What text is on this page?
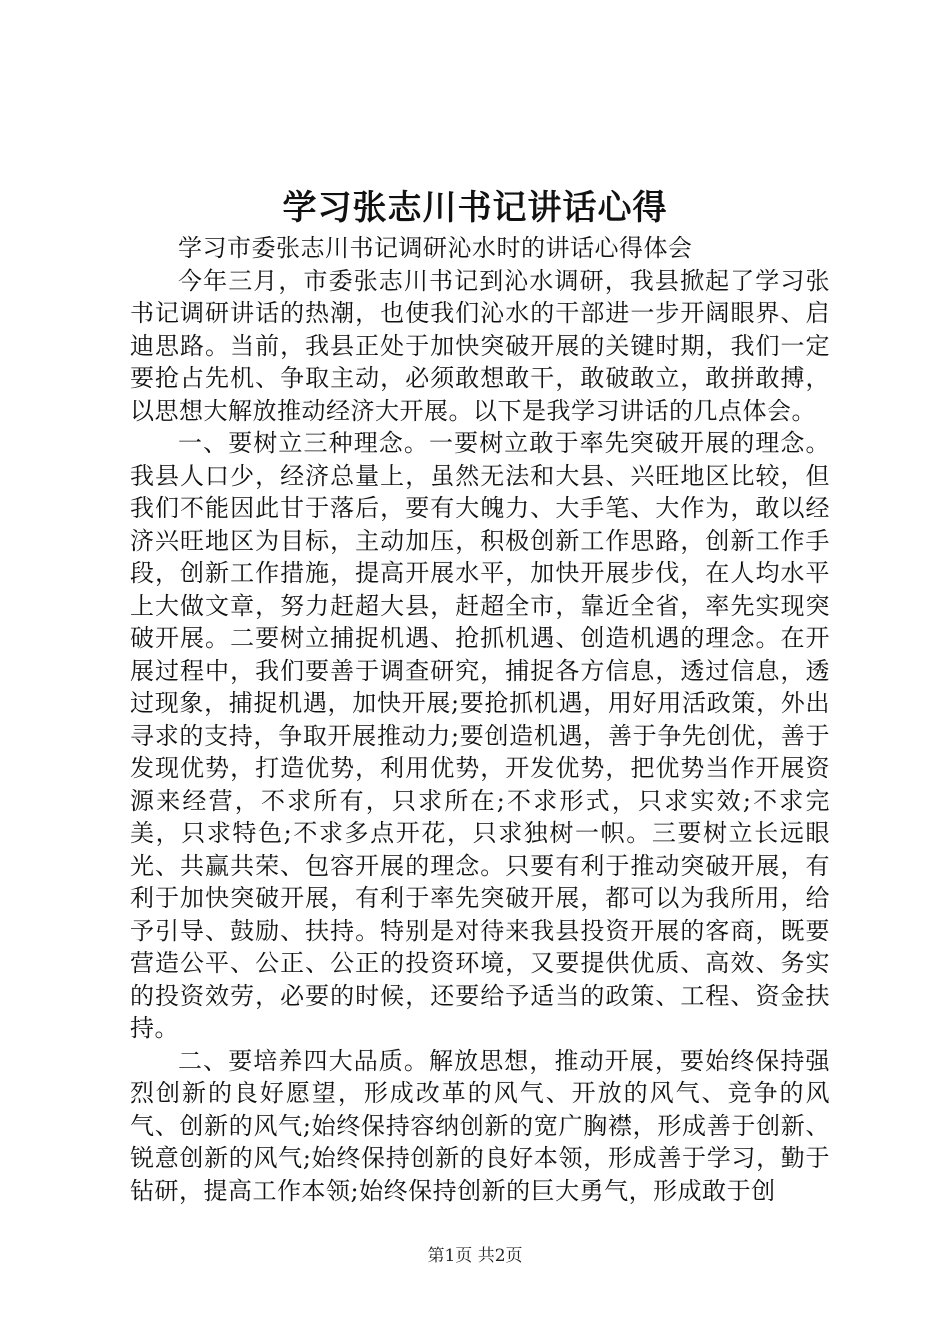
学习张志川书记讲话心得

学习市委张志川书记调研沁水时的讲话心得体会

今年三月，市委张志川书记到沁水调研，我县掀起了学习张书记调研讲话的热潮，也使我们沁水的干部进一步开阔眼界、启迪思路。当前，我县正处于加快突破开展的关键时期，我们一定要抢占先机、争取主动，必须敢想敢干，敢破敢立，敢拼敢搏，以思想大解放推动经济大开展。以下是我学习讲话的几点体会。

一、要树立三种理念。一要树立敢于率先突破开展的理念。我县人口少，经济总量上，虽然无法和大县、兴旺地区比较，但我们不能因此甘于落后，要有大魄力、大手笔、大作为，敢以经济兴旺地区为目标，主动加压，积极创新工作思路，创新工作手段，创新工作措施，提高开展水平，加快开展步伐，在人均水平上大做文章，努力赶超大县，赶超全市，靠近全省，率先实现突破开展。二要树立捕捉机遇、抢抓机遇、创造机遇的理念。在开展过程中，我们要善于调查研究，捕捉各方信息，透过信息，透过现象，捕捉机遇，加快开展;要抢抓机遇，用好用活政策，外出寻求的支持，争取开展推动力;要创造机遇，善于争先创优，善于发现优势，打造优势，利用优势，开发优势，把优势当作开展资源来经营，不求所有，只求所在;不求形式，只求实效;不求完美，只求特色;不求多点开花，只求独树一帜。三要树立长远眼光、共赢共荣、包容开展的理念。只要有利于推动突破开展，有利于加快突破开展，有利于率先突破开展，都可以为我所用，给予引导、鼓励、扶持。特别是对待来我县投资开展的客商，既要营造公平、公正、公正的投资环境，又要提供优质、高效、务实的投资效劳，必要的时候，还要给予适当的政策、工程、资金扶持。

二、要培养四大品质。解放思想，推动开展，要始终保持强烈创新的良好愿望，形成改革的风气、开放的风气、竞争的风气、创新的风气;始终保持容纳创新的宽广胸襟，形成善于创新、锐意创新的风气;始终保持创新的良好本领，形成善于学习，勤于钻研，提高工作本领;始终保持创新的巨大勇气，形成敢于创

第1页 共2页
